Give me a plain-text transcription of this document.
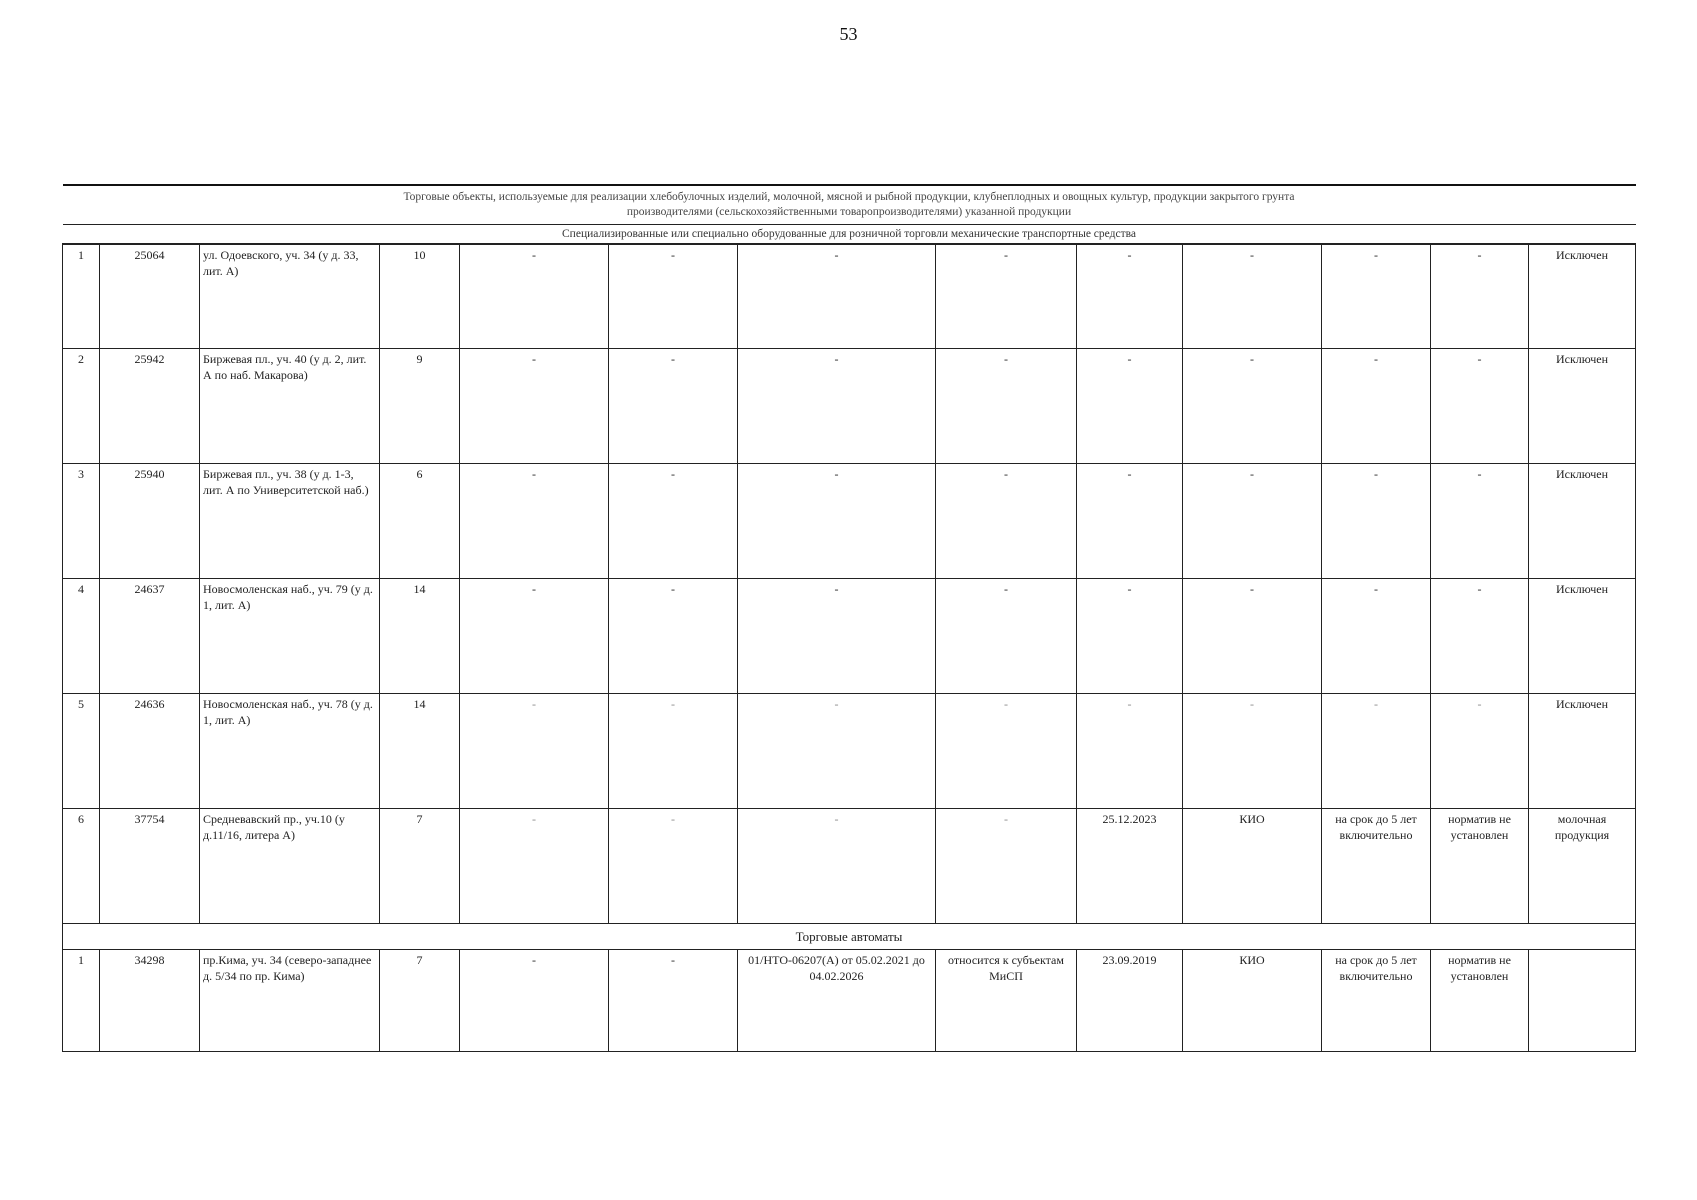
53
Торговые объекты, используемые для реализации хлебобулочных изделий, молочной, мясной и рыбной продукции, клубнеплодных и овощных культур, продукции закрытого грунта
производителями (сельскохозяйственными товаропроизводителями) указанной продукции												

Специализированные или специально оборудованные для розничной торговли механические транспортные средства												
1	25064	ул. Одоевского, уч. 34 (у д. 33, лит. А)	10	-	-	-	-	-	-	-	-	Исключен
2	25942	Биржевая пл., уч. 40 (у д. 2, лит. А по наб. Макарова)	9	-	-	-	-	-	-	-	-	Исключен
3	25940	Биржевая пл., уч. 38 (у д. 1-3, лит. А по Университетской наб.)	6	-	-	-	-	-	-	-	-	Исключен
4	24637	Новосмоленская наб., уч. 79 (у д. 1, лит. А)	14	-	-	-	-	-	-	-	-	Исключен
5	24636	Новосмоленская наб., уч. 78 (у д. 1, лит. А)	14	-	-	-	-	-	-	-	-	Исключен
6	37754	Средневавский пр., уч.10 (у д.11/16, литера А)	7	-	-	-	-	25.12.2023	КИО	на срок до 5 лет включительно	норматив не установлен	молочная продукция
Торговые автоматы												
1	34298	пр.Кима, уч. 34 (северо-западнее д. 5/34 по пр. Кима)	7	-	-	01/НТО-06207(А) от 05.02.2021 до 04.02.2026	относится к субъектам МиСП	23.09.2019	КИО	на срок до 5 лет включительно	норматив не установлен	
